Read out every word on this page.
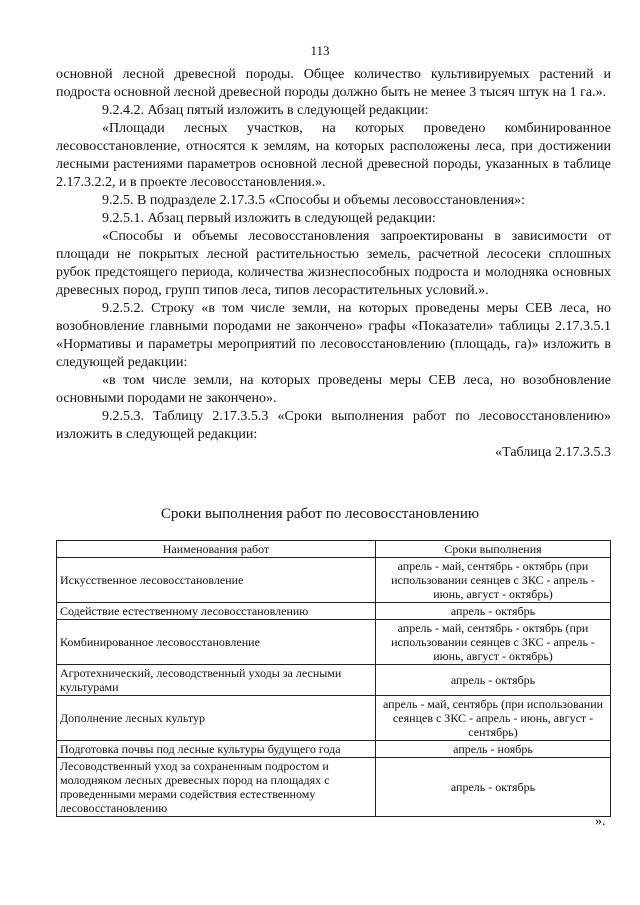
113

основной лесной древесной породы. Общее количество культивируемых растений и подроста основной лесной древесной породы должно быть не менее 3 тысяч штук на 1 га.».

9.2.4.2. Абзац пятый изложить в следующей редакции:

«Площади лесных участков, на которых проведено комбинированное лесовосстановление, относятся к землям, на которых расположены леса, при достижении лесными растениями параметров основной лесной древесной породы, указанных в таблице 2.17.3.2.2, и в проекте лесовосстановления.».

9.2.5. В подразделе 2.17.3.5 «Способы и объемы лесовосстановления»:

9.2.5.1. Абзац первый изложить в следующей редакции:

«Способы и объемы лесовосстановления запроектированы в зависимости от площади не покрытых лесной растительностью земель, расчетной лесосеки сплошных рубок предстоящего периода, количества жизнеспособных подроста и молодняка основных древесных пород, групп типов леса, типов лесорастительных условий.».

9.2.5.2. Строку «в том числе земли, на которых проведены меры СЕВ леса, но возобновление главными породами не закончено» графы «Показатели» таблицы 2.17.3.5.1 «Нормативы и параметры мероприятий по лесовосстановлению (площадь, га)» изложить в следующей редакции:

«в том числе земли, на которых проведены меры СЕВ леса, но возобновление основными породами не закончено».

9.2.5.3. Таблицу 2.17.3.5.3 «Сроки выполнения работ по лесовосстановлению» изложить в следующей редакции:

«Таблица 2.17.3.5.3

Сроки выполнения работ по лесовосстановлению
Наименования работ	Сроки выполнения
Искусственное лесовосстановление	апрель - май, сентябрь - октябрь (при использовании сеянцев с ЗКС - апрель - июнь, август - октябрь)
Содействие естественному лесовосстановлению	апрель - октябрь
Комбинированное лесовосстановление	апрель - май, сентябрь - октябрь (при использовании сеянцев с ЗКС - апрель - июнь, август - октябрь)
Агротехнический, лесоводственный уходы за лесными культурами	апрель - октябрь
Дополнение лесных культур	апрель - май, сентябрь (при использовании сеянцев с ЗКС - апрель - июнь, август - сентябрь)
Подготовка почвы под лесные культуры будущего года	апрель - ноябрь
Лесоводственный уход за сохраненным подростом и молодняком лесных древесных пород на площадях с проведенными мерами содействия естественному лесовосстановлению	апрель - октябрь
».
